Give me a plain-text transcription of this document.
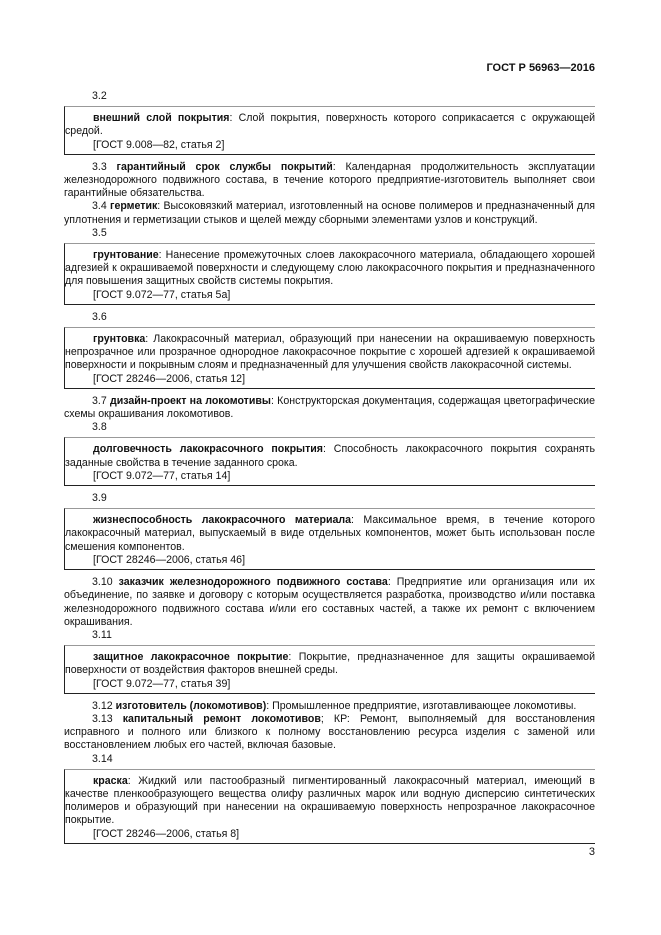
ГОСТ Р 56963—2016
3.2

внешний слой покрытия: Слой покрытия, поверхность которого соприкасается с окружающей средой.

[ГОСТ 9.008—82, статья 2]

3.3 гарантийный срок службы покрытий: Календарная продолжительность эксплуатации железнодорожного подвижного состава, в течение которого предприятие-изготовитель выполняет свои гарантийные обязательства.

3.4 герметик: Высоковязкий материал, изготовленный на основе полимеров и предназначенный для уплотнения и герметизации стыков и щелей между сборными элементами узлов и конструкций.

3.5

грунтование: Нанесение промежуточных слоев лакокрасочного материала, обладающего хорошей адгезией к окрашиваемой поверхности и следующему слою лакокрасочного покрытия и предназначенного для повышения защитных свойств системы покрытия.

[ГОСТ 9.072—77, статья 5а]

3.6

грунтовка: Лакокрасочный материал, образующий при нанесении на окрашиваемую поверхность непрозрачное или прозрачное однородное лакокрасочное покрытие с хорошей адгезией к окрашиваемой поверхности и покрывным слоям и предназначенный для улучшения свойств лакокрасочной системы.

[ГОСТ 28246—2006, статья 12]

3.7 дизайн-проект на локомотивы: Конструкторская документация, содержащая цветографические схемы окрашивания локомотивов.

3.8

долговечность лакокрасочного покрытия: Способность лакокрасочного покрытия сохранять заданные свойства в течение заданного срока.

[ГОСТ 9.072—77, статья 14]

3.9

жизнеспособность лакокрасочного материала: Максимальное время, в течение которого лакокрасочный материал, выпускаемый в виде отдельных компонентов, может быть использован после смешения компонентов.

[ГОСТ 28246—2006, статья 46]

3.10 заказчик железнодорожного подвижного состава: Предприятие или организация или их объединение, по заявке и договору с которым осуществляется разработка, производство и/или поставка железнодорожного подвижного состава и/или его составных частей, а также их ремонт с включением окрашивания.

3.11

защитное лакокрасочное покрытие: Покрытие, предназначенное для защиты окрашиваемой поверхности от воздействия факторов внешней среды.

[ГОСТ 9.072—77, статья 39]

3.12 изготовитель (локомотивов): Промышленное предприятие, изготавливающее локомотивы.

3.13 капитальный ремонт локомотивов; КР: Ремонт, выполняемый для восстановления исправного и полного или близкого к полному восстановлению ресурса изделия с заменой или восстановлением любых его частей, включая базовые.

3.14

краска: Жидкий или пастообразный пигментированный лакокрасочный материал, имеющий в качестве пленкообразующего вещества олифу различных марок или водную дисперсию синтетических полимеров и образующий при нанесении на окрашиваемую поверхность непрозрачное лакокрасочное покрытие.

[ГОСТ 28246—2006, статья 8]

3
